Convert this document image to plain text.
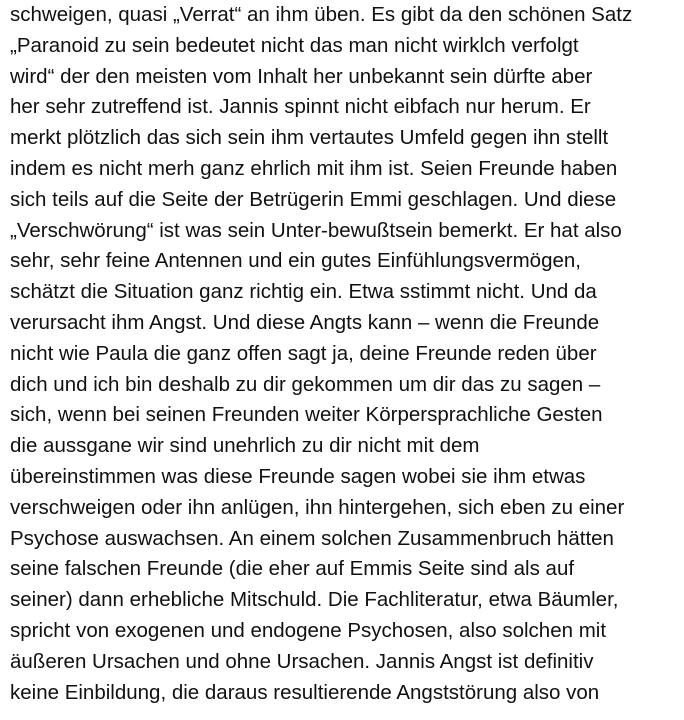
schweigen, quasi „Verrat“ an ihm üben. Es gibt da den schönen Satz
„Paranoid zu sein bedeutet nicht das man nicht wirklch verfolgt
wird“ der den meisten vom Inhalt her unbekannt sein dürfte aber
her sehr zutreffend ist. Jannis spinnt nicht eibfach nur herum. Er
merkt plötzlich das sich sein ihm vertautes Umfeld gegen ihn stellt
indem es nicht merh ganz ehrlich mit ihm ist. Seien Freunde haben
sich teils auf die Seite der Betrügerin Emmi geschlagen. Und diese
„Verschwörung“ ist was sein Unter-bewußtsein bemerkt. Er hat also
sehr, sehr feine Antennen und ein gutes Einfühlungsvermögen,
schätzt die Situation ganz richtig ein. Etwa sstimmt nicht. Und da
verursacht ihm Angst. Und diese Angts kann – wenn die Freunde
nicht wie Paula die ganz offen sagt ja, deine Freunde reden über
dich und ich bin deshalb zu dir gekommen um dir das zu sagen –
sich, wenn bei seinen Freunden weiter Körpersprachliche Gesten
die aussgane wir sind unehrlich zu dir nicht mit dem
übereinstimmen was diese Freunde sagen wobei sie ihm etwas
verschweigen oder ihn anlügen, ihn hintergehen, sich eben zu einer
Psychose auswachsen. An einem solchen Zusammenbruch hätten
seine falschen Freunde (die eher auf Emmis Seite sind als auf
seiner) dann erhebliche Mitschuld. Die Fachliteratur, etwa Bäumler,
spricht von exogenen und endogene Psychosen, also solchen mit
äußeren Ursachen und ohne Ursachen. Jannis Angst ist definitiv
keine Einbildung, die daraus resultierende Angststörung also von
